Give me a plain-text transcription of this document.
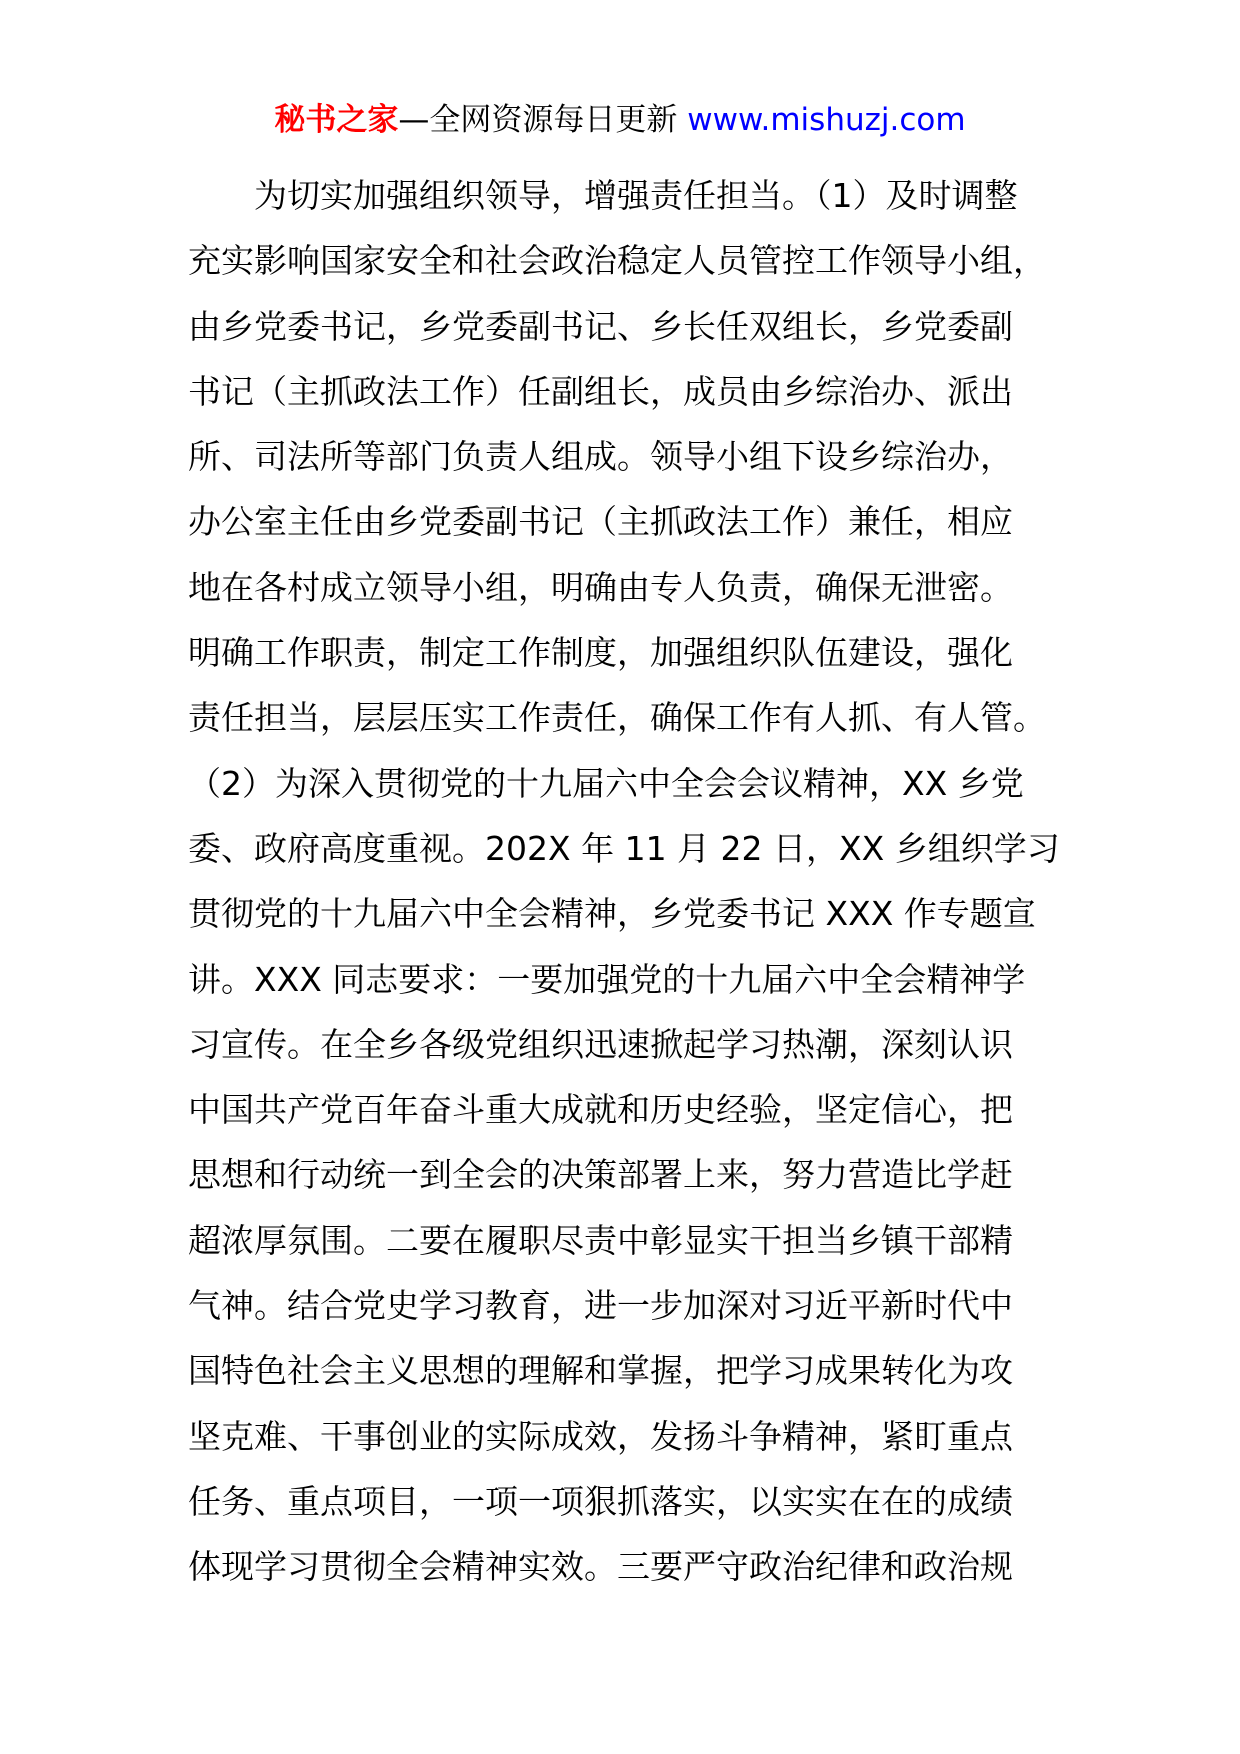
秘书之家—全网资源每日更新 www.mishuzj.com
为切实加强组织领导，增强责任担当。（1）及时调整
充实影响国家安全和社会政治稳定人员管控工作领导小组，
由乡党委书记，乡党委副书记、乡长任双组长，乡党委副
书记（主抓政法工作）任副组长，成员由乡综治办、派出
所、司法所等部门负责人组成。领导小组下设乡综治办，
办公室主任由乡党委副书记（主抓政法工作）兼任，相应
地在各村成立领导小组，明确由专人负责，确保无泄密。
明确工作职责，制定工作制度，加强组织队伍建设，强化
责任担当，层层压实工作责任，确保工作有人抓、有人管。
（2）为深入贯彻党的十九届六中全会会议精神，XX 乡党
委、政府高度重视。202X 年 11 月 22 日，XX 乡组织学习
贯彻党的十九届六中全会精神，乡党委书记 XXX 作专题宣
讲。XXX 同志要求：一要加强党的十九届六中全会精神学
习宣传。在全乡各级党组织迅速掀起学习热潮，深刻认识
中国共产党百年奋斗重大成就和历史经验，坚定信心，把
思想和行动统一到全会的决策部署上来，努力营造比学赶
超浓厚氛围。二要在履职尽责中彰显实干担当乡镇干部精
气神。结合党史学习教育，进一步加深对习近平新时代中
国特色社会主义思想的理解和掌握，把学习成果转化为攻
坚克难、干事创业的实际成效，发扬斗争精神，紧盯重点
任务、重点项目，一项一项狠抓落实，以实实在在的成绩
体现学习贯彻全会精神实效。三要严守政治纪律和政治规
